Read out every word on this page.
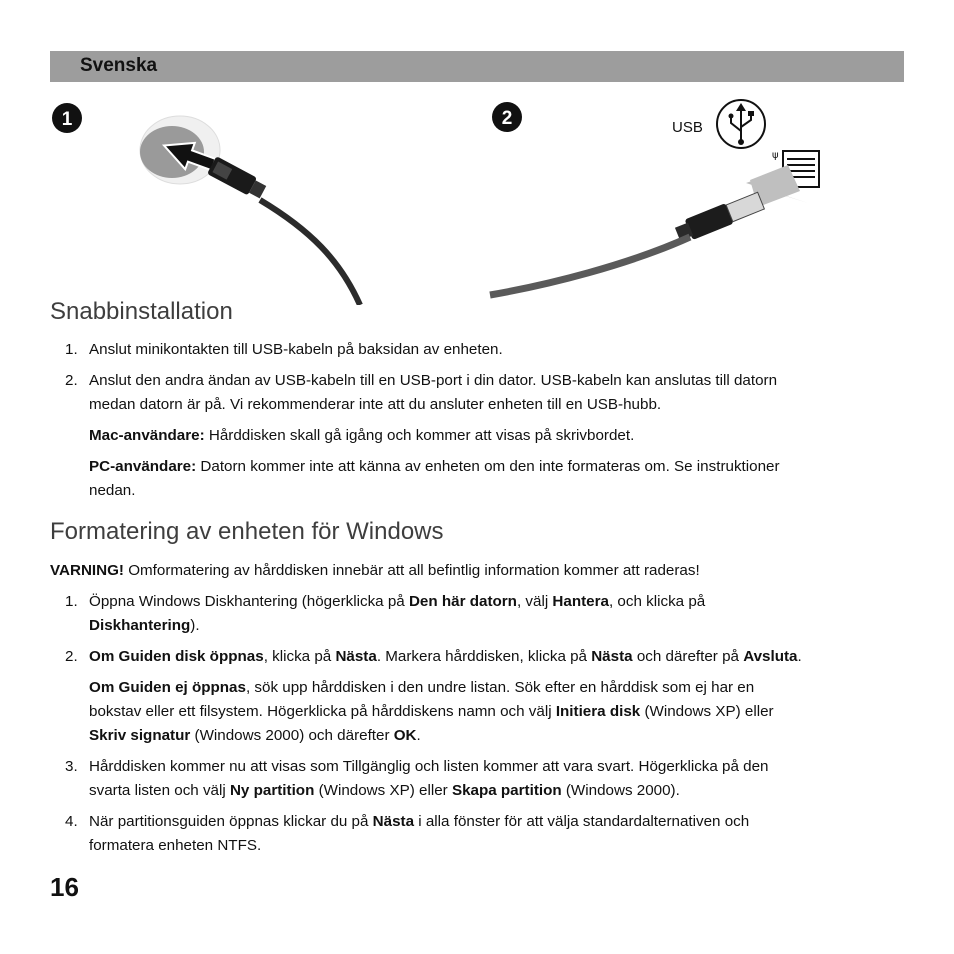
Svenska
1	2	USB
ψ
Snabbinstallation
1. Anslut minikontakten till USB-kabeln på baksidan av enheten.

2. Anslut den andra ändan av USB-kabeln till en USB-port i din dator. USB-kabeln kan anslutas till datorn
medan datorn är på. Vi rekommenderar inte att du ansluter enheten till en USB-hubb.

Mac-användare: Hårddisken skall gå igång och kommer att visas på skrivbordet.

PC-användare: Datorn kommer inte att känna av enheten om den inte formateras om. Se instruktioner
nedan.

Formatering av enheten för Windows

VARNING! Omformatering av hårddisken innebär att all befintlig information kommer att raderas!

1. Öppna Windows Diskhantering (högerklicka på Den här datorn, välj Hantera, och klicka på
Diskhantering).

2. Om Guiden disk öppnas, klicka på Nästa. Markera hårddisken, klicka på Nästa och därefter på Avsluta.

Om Guiden ej öppnas, sök upp hårddisken i den undre listan. Sök efter en hårddisk som ej har en
bokstav eller ett filsystem. Högerklicka på hårddiskens namn och välj Initiera disk (Windows XP) eller
Skriv signatur (Windows 2000) och därefter OK.

3. Hårddisken kommer nu att visas som Tillgänglig och listen kommer att vara svart. Högerklicka på den
svarta listen och välj Ny partition (Windows XP) eller Skapa partition (Windows 2000).

4. När partitionsguiden öppnas klickar du på Nästa i alla fönster för att välja standardalternativen och
formatera enheten NTFS.

16
